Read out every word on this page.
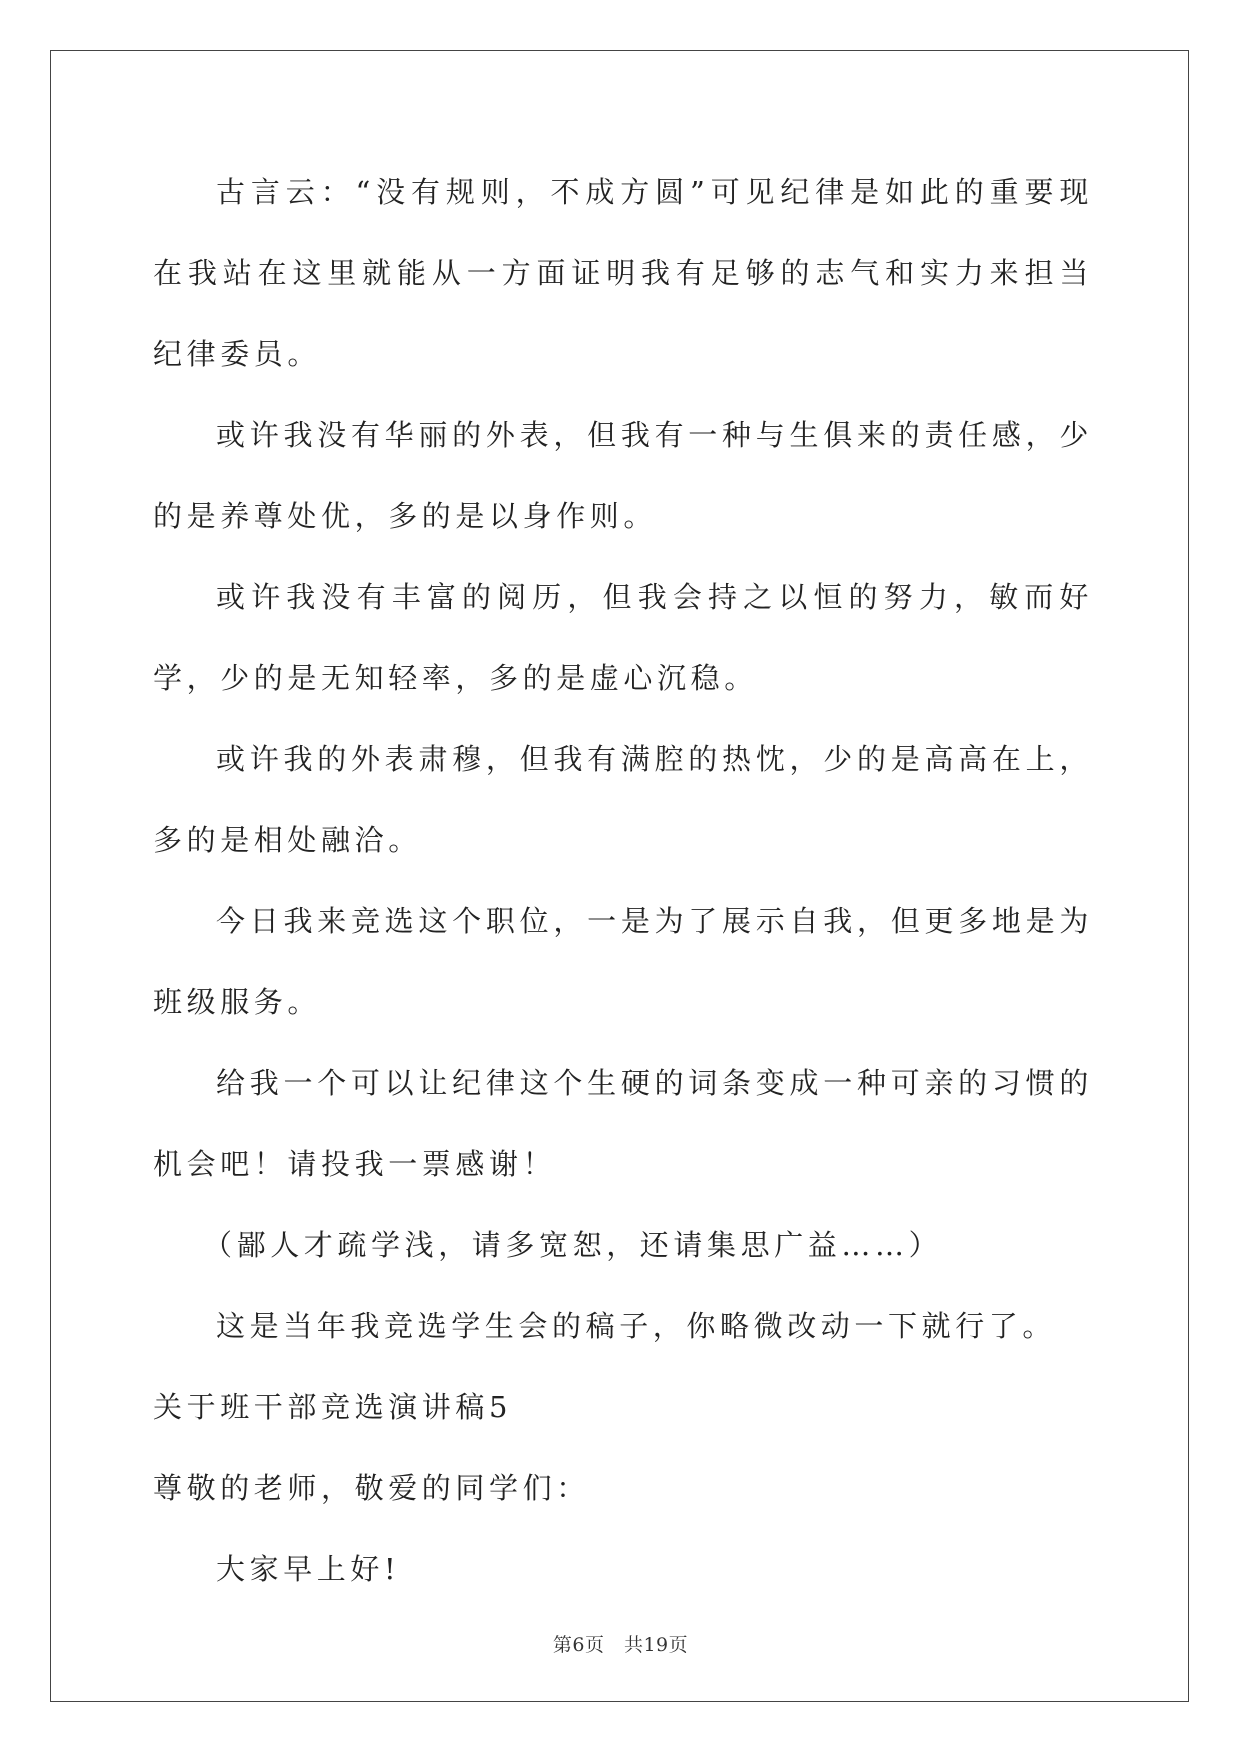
古言云：“没有规则，不成方圆”可见纪律是如此的重要现在我站在这里就能从一方面证明我有足够的志气和实力来担当纪律委员。

或许我没有华丽的外表，但我有一种与生俱来的责任感，少的是养尊处优，多的是以身作则。

或许我没有丰富的阅历，但我会持之以恒的努力，敏而好学，少的是无知轻率，多的是虚心沉稳。

或许我的外表肃穆，但我有满腔的热忱，少的是高高在上，多的是相处融洽。

今日我来竞选这个职位，一是为了展示自我，但更多地是为班级服务。

给我一个可以让纪律这个生硬的词条变成一种可亲的习惯的机会吧！请投我一票感谢！

（鄙人才疏学浅，请多宽恕，还请集思广益……）

这是当年我竞选学生会的稿子，你略微改动一下就行了。

关于班干部竞选演讲稿5

尊敬的老师，敬爱的同学们：

大家早上好!

第6页　共19页
